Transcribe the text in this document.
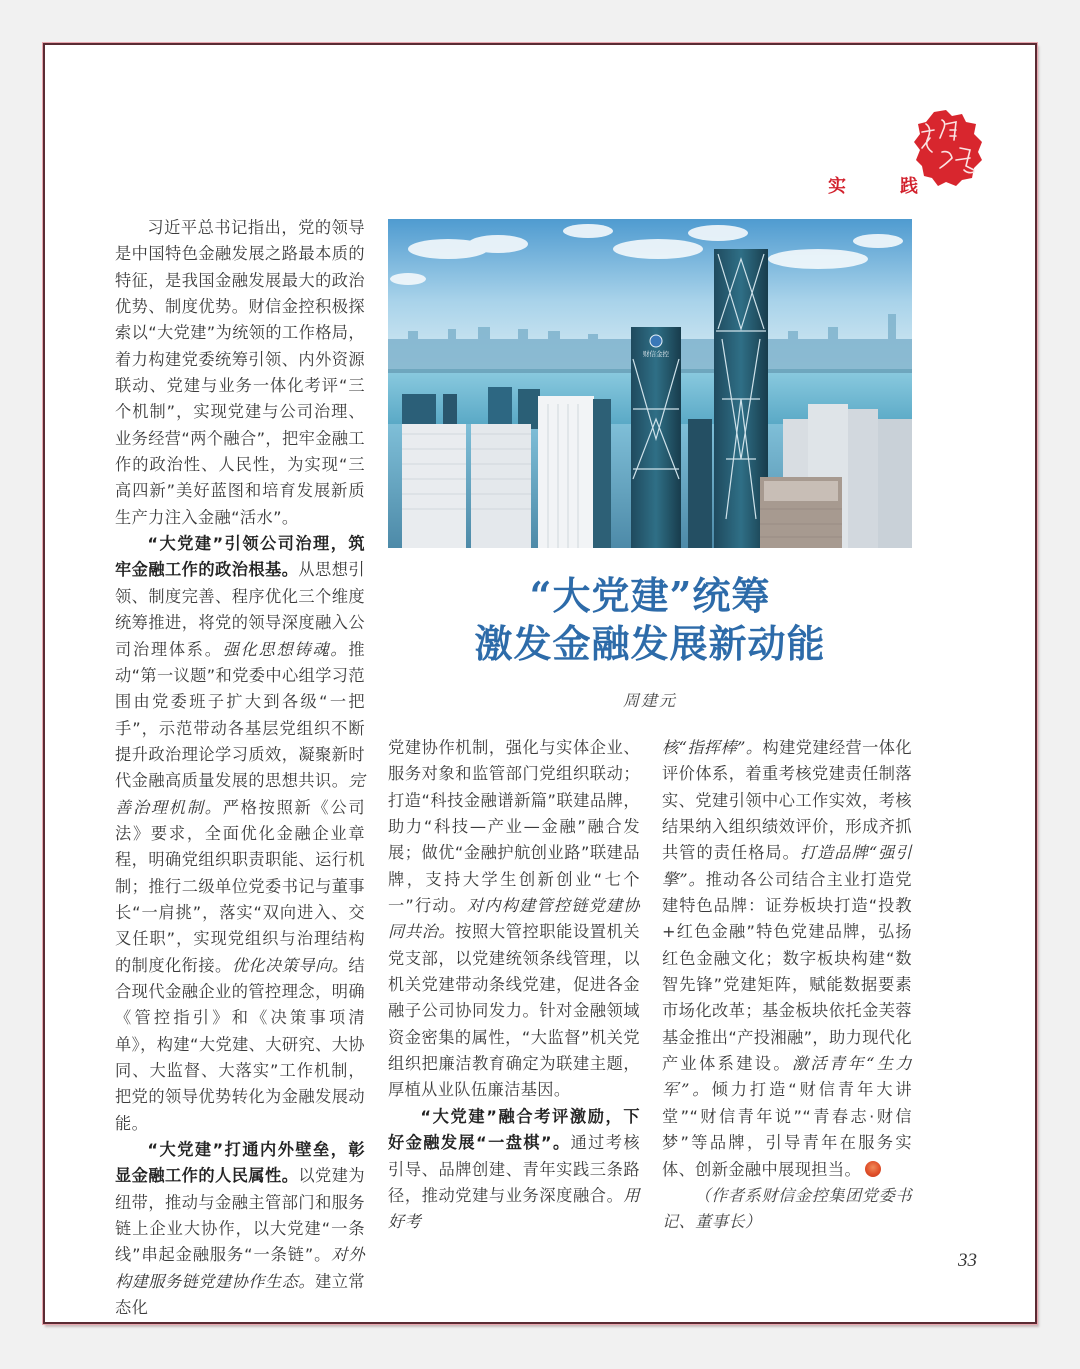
实	践
财信金控
“大党建”统筹
激发金融发展新动能
周建元

习近平总书记指出，党的领导是中国特色金融发展之路最本质的特征，是我国金融发展最大的政治优势、制度优势。财信金控积极探索以“大党建”为统领的工作格局，着力构建党委统筹引领、内外资源联动、党建与业务一体化考评“三个机制”，实现党建与公司治理、业务经营“两个融合”，把牢金融工作的政治性、人民性，为实现“三高四新”美好蓝图和培育发展新质生产力注入金融“活水”。

“大党建”引领公司治理，筑牢金融工作的政治根基。从思想引领、制度完善、程序优化三个维度统筹推进，将党的领导深度融入公司治理体系。强化思想铸魂。推动“第一议题”和党委中心组学习范围由党委班子扩大到各级“一把手”，示范带动各基层党组织不断提升政治理论学习质效，凝聚新时代金融高质量发展的思想共识。完善治理机制。严格按照新《公司法》要求，全面优化金融企业章程，明确党组织职责职能、运行机制；推行二级单位党委书记与董事长“一肩挑”，落实“双向进入、交叉任职”，实现党组织与治理结构的制度化衔接。优化决策导向。结合现代金融企业的管控理念，明确《管控指引》和《决策事项清单》，构建“大党建、大研究、大协同、大监督、大落实”工作机制，把党的领导优势转化为金融发展动能。

“大党建”打通内外壁垒，彰显金融工作的人民属性。以党建为纽带，推动与金融主管部门和服务链上企业大协作，以大党建“一条线”串起金融服务“一条链”。对外构建服务链党建协作生态。建立常态化

党建协作机制，强化与实体企业、服务对象和监管部门党组织联动；打造“科技金融谱新篇”联建品牌，助力“科技—产业—金融”融合发展；做优“金融护航创业路”联建品牌，支持大学生创新创业“七个一”行动。对内构建管控链党建协同共治。按照大管控职能设置机关党支部，以党建统领条线管理，以机关党建带动条线党建，促进各金融子公司协同发力。针对金融领域资金密集的属性，“大监督”机关党组织把廉洁教育确定为联建主题，厚植从业队伍廉洁基因。

“大党建”融合考评激励，下好金融发展“一盘棋”。通过考核引导、品牌创建、青年实践三条路径，推动党建与业务深度融合。用好考

核“指挥棒”。构建党建经营一体化评价体系，着重考核党建责任制落实、党建引领中心工作实效，考核结果纳入组织绩效评价，形成齐抓共管的责任格局。打造品牌“强引擎”。推动各公司结合主业打造党建特色品牌：证券板块打造“投教+红色金融”特色党建品牌，弘扬红色金融文化；数字板块构建“数智先锋”党建矩阵，赋能数据要素市场化改革；基金板块依托金芙蓉基金推出“产投湘融”，助力现代化产业体系建设。激活青年“生力军”。倾力打造“财信青年大讲堂”“财信青年说”“青春志·财信梦”等品牌，引导青年在服务实体、创新金融中展现担当。

（作者系财信金控集团党委书记、董事长）

33
